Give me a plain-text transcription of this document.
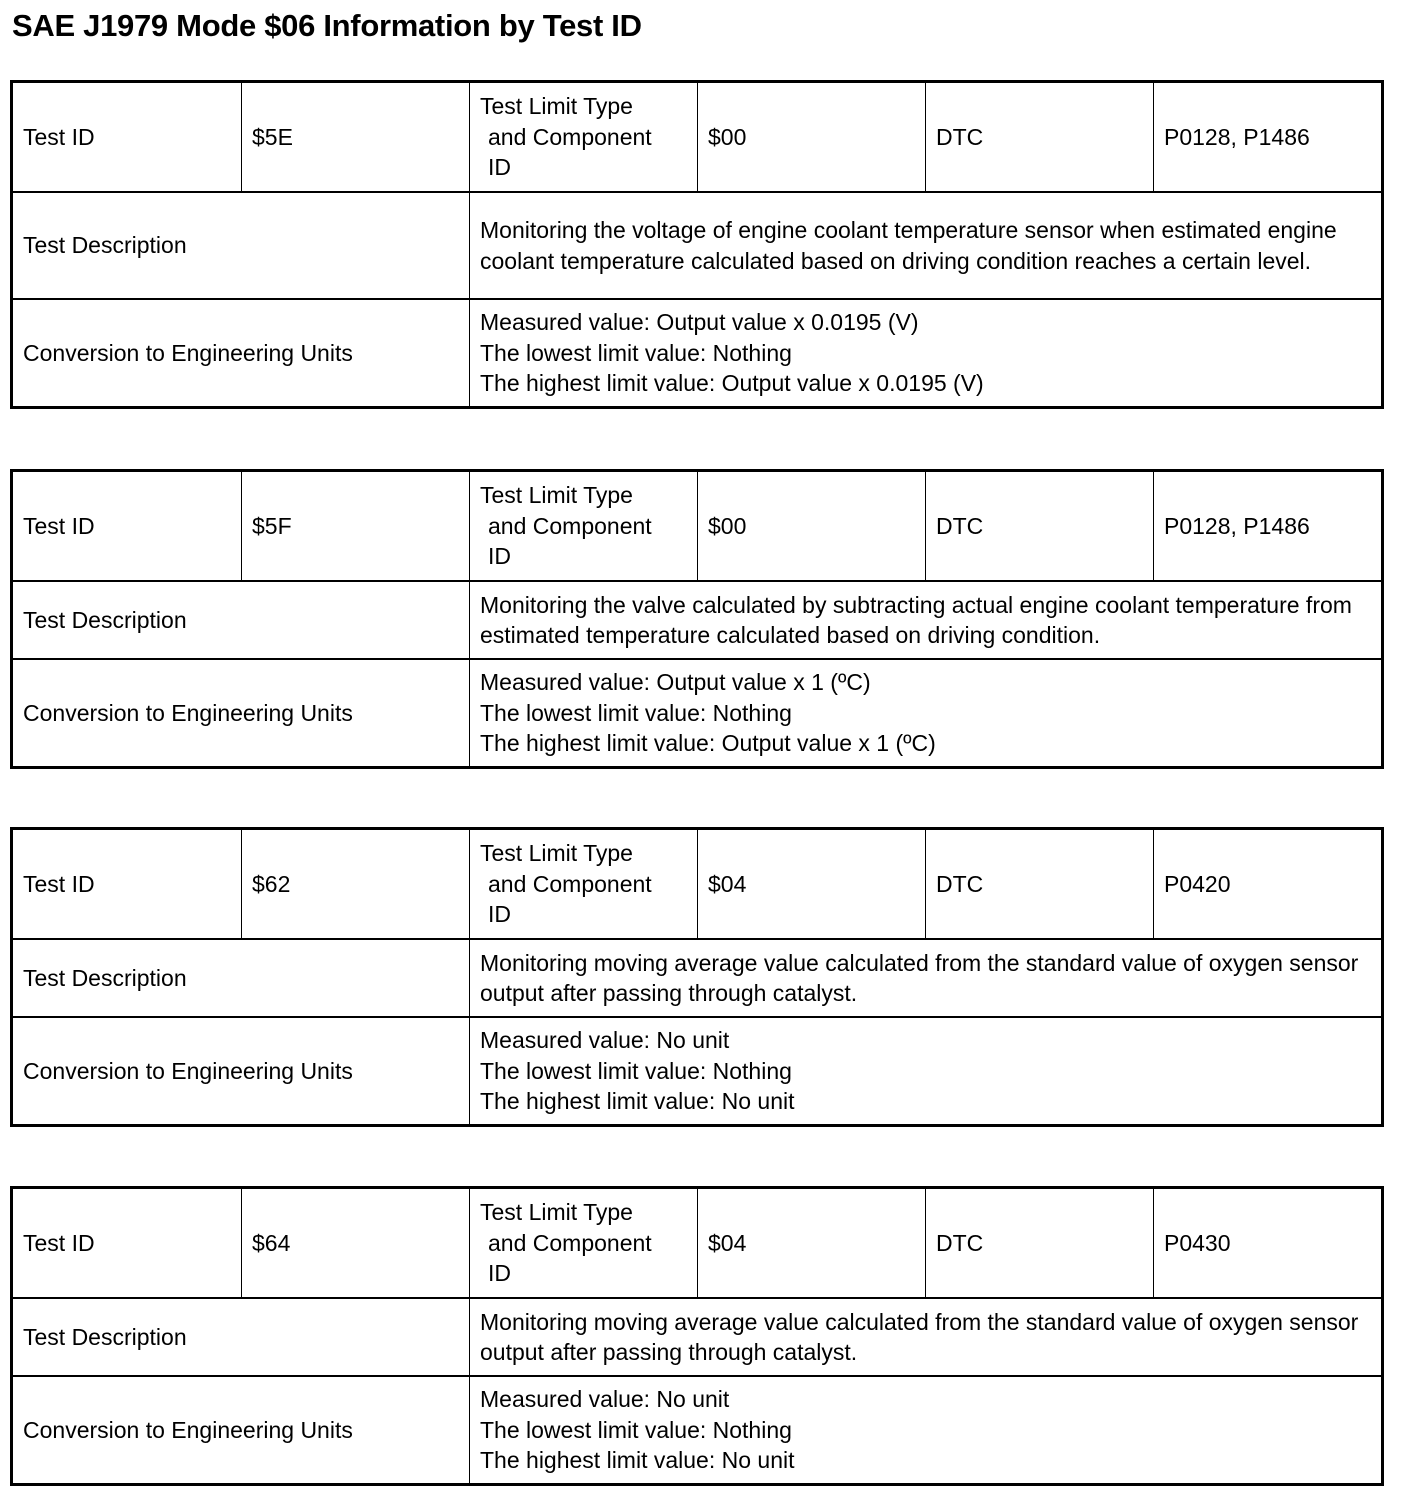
SAE J1979 Mode $06 Information by Test ID
Test ID	$5E	Test Limit Type
and Component
ID	$00	DTC	P0128, P1486
Test Description		Monitoring the voltage of engine coolant temperature sensor when estimated engine coolant temperature calculated based on driving condition reaches a certain level.			

Conversion to Engineering Units		Measured value: Output value x 0.0195 (V)
The lowest limit value: Nothing
The highest limit value: Output value x 0.0195 (V)			
Test ID	$5F	Test Limit Type
and Component
ID	$00	DTC	P0128, P1486
Test Description		Monitoring the valve calculated by subtracting actual engine coolant temperature from estimated temperature calculated based on driving condition.			

Conversion to Engineering Units		Measured value: Output value x 1 (ºC)
The lowest limit value: Nothing
The highest limit value: Output value x 1 (ºC)			
Test ID	$62	Test Limit Type
and Component
ID	$04	DTC	P0420
Test Description		Monitoring moving average value calculated from the standard value of oxygen sensor output after passing through catalyst.			

Conversion to Engineering Units		Measured value: No unit
The lowest limit value: Nothing
The highest limit value: No unit			
Test ID	$64	Test Limit Type
and Component
ID	$04	DTC	P0430
Test Description		Monitoring moving average value calculated from the standard value of oxygen sensor output after passing through catalyst.			

Conversion to Engineering Units		Measured value: No unit
The lowest limit value: Nothing
The highest limit value: No unit			
